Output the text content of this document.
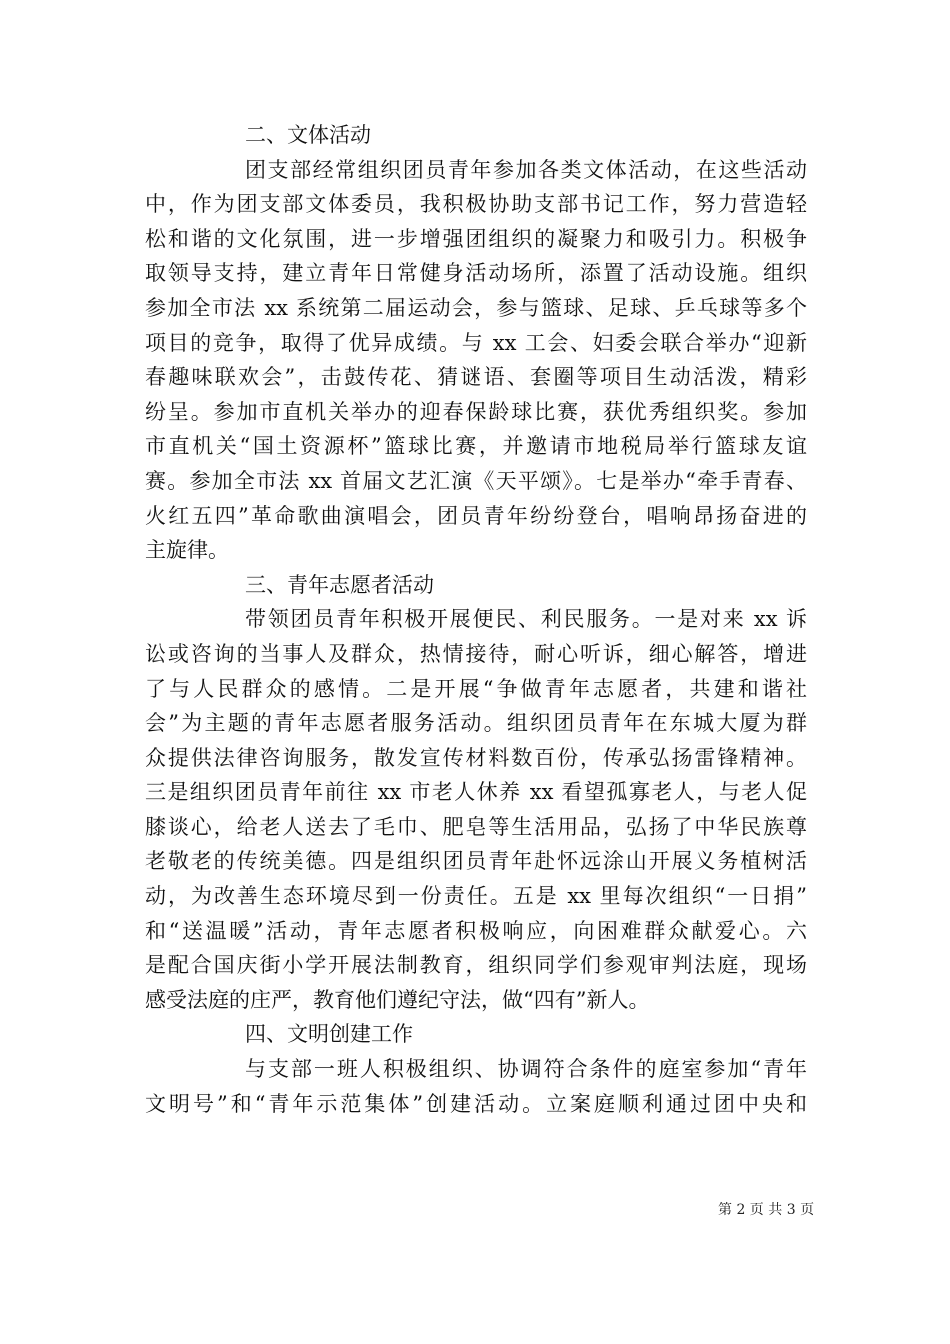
二、文体活动
团支部经常组织团员青年参加各类文体活动，在这些活动
中，作为团支部文体委员，我积极协助支部书记工作，努力营造轻
松和谐的文化氛围，进一步增强团组织的凝聚力和吸引力。积极争
取领导支持，建立青年日常健身活动场所，添置了活动设施。组织
参加全市法 xx 系统第二届运动会，参与篮球、足球、乒乓球等多个
项目的竞争，取得了优异成绩。与 xx 工会、妇委会联合举办“迎新
春趣味联欢会”，击鼓传花、猜谜语、套圈等项目生动活泼，精彩
纷呈。参加市直机关举办的迎春保龄球比赛，获优秀组织奖。参加
市直机关“国土资源杯”篮球比赛，并邀请市地税局举行篮球友谊
赛。参加全市法 xx 首届文艺汇演《天平颂》。七是举办“牵手青春、
火红五四”革命歌曲演唱会，团员青年纷纷登台，唱响昂扬奋进的
主旋律。
三、青年志愿者活动
带领团员青年积极开展便民、利民服务。一是对来 xx 诉
讼或咨询的当事人及群众，热情接待，耐心听诉，细心解答，增进
了与人民群众的感情。二是开展“争做青年志愿者，共建和谐社
会”为主题的青年志愿者服务活动。组织团员青年在东城大厦为群
众提供法律咨询服务，散发宣传材料数百份，传承弘扬雷锋精神。
三是组织团员青年前往 xx 市老人休养 xx 看望孤寡老人，与老人促
膝谈心，给老人送去了毛巾、肥皂等生活用品，弘扬了中华民族尊
老敬老的传统美德。四是组织团员青年赴怀远涂山开展义务植树活
动，为改善生态环境尽到一份责任。五是 xx 里每次组织“一日捐”
和“送温暖”活动，青年志愿者积极响应，向困难群众献爱心。六
是配合国庆街小学开展法制教育，组织同学们参观审判法庭，现场
感受法庭的庄严，教育他们遵纪守法，做“四有”新人。
四、文明创建工作
与支部一班人积极组织、协调符合条件的庭室参加“青年
文明号”和“青年示范集体”创建活动。立案庭顺利通过团中央和
第 2 页 共 3 页
